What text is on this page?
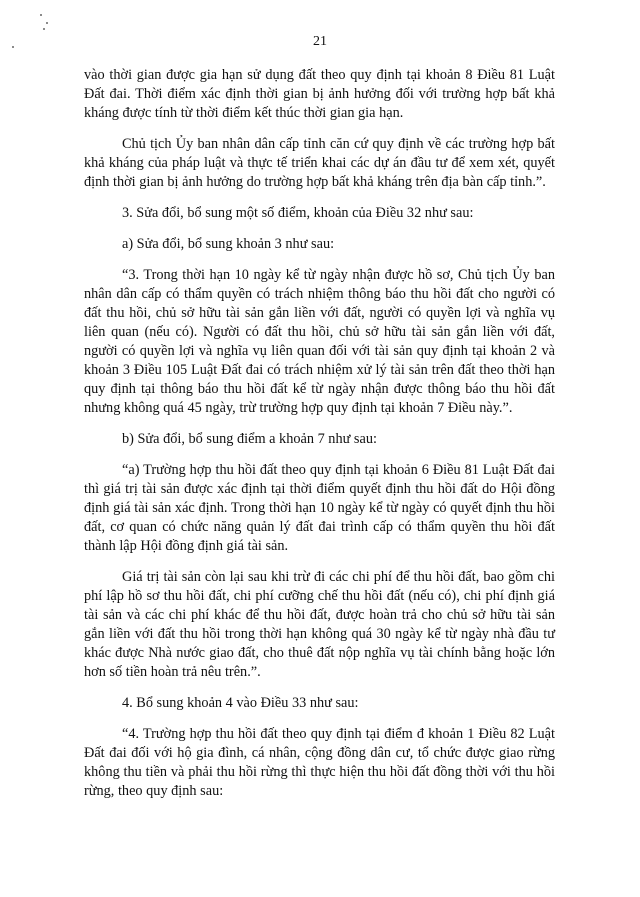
21

vào thời gian được gia hạn sử dụng đất theo quy định tại khoản 8 Điều 81 Luật Đất đai. Thời điểm xác định thời gian bị ảnh hưởng đối với trường hợp bất khả kháng được tính từ thời điểm kết thúc thời gian gia hạn.

Chủ tịch Ủy ban nhân dân cấp tỉnh căn cứ quy định về các trường hợp bất khả kháng của pháp luật và thực tế triển khai các dự án đầu tư để xem xét, quyết định thời gian bị ảnh hưởng do trường hợp bất khả kháng trên địa bàn cấp tỉnh.”.

3. Sửa đổi, bổ sung một số điểm, khoản của Điều 32 như sau:

a) Sửa đổi, bổ sung khoản 3 như sau:

“3. Trong thời hạn 10 ngày kể từ ngày nhận được hồ sơ, Chủ tịch Ủy ban nhân dân cấp có thẩm quyền có trách nhiệm thông báo thu hồi đất cho người có đất thu hồi, chủ sở hữu tài sản gắn liền với đất, người có quyền lợi và nghĩa vụ liên quan (nếu có). Người có đất thu hồi, chủ sở hữu tài sản gắn liền với đất, người có quyền lợi và nghĩa vụ liên quan đối với tài sản quy định tại khoản 2 và khoản 3 Điều 105 Luật Đất đai có trách nhiệm xử lý tài sản trên đất theo thời hạn quy định tại thông báo thu hồi đất kể từ ngày nhận được thông báo thu hồi đất nhưng không quá 45 ngày, trừ trường hợp quy định tại khoản 7 Điều này.”.

b) Sửa đổi, bổ sung điểm a khoản 7 như sau:

“a) Trường hợp thu hồi đất theo quy định tại khoản 6 Điều 81 Luật Đất đai thì giá trị tài sản được xác định tại thời điểm quyết định thu hồi đất do Hội đồng định giá tài sản xác định. Trong thời hạn 10 ngày kể từ ngày có quyết định thu hồi đất, cơ quan có chức năng quản lý đất đai trình cấp có thẩm quyền thu hồi đất thành lập Hội đồng định giá tài sản.

Giá trị tài sản còn lại sau khi trừ đi các chi phí để thu hồi đất, bao gồm chi phí lập hồ sơ thu hồi đất, chi phí cưỡng chế thu hồi đất (nếu có), chi phí định giá tài sản và các chi phí khác để thu hồi đất, được hoàn trả cho chủ sở hữu tài sản gắn liền với đất thu hồi trong thời hạn không quá 30 ngày kể từ ngày nhà đầu tư khác được Nhà nước giao đất, cho thuê đất nộp nghĩa vụ tài chính bằng hoặc lớn hơn số tiền hoàn trả nêu trên.”.

4. Bổ sung khoản 4 vào Điều 33 như sau:

“4. Trường hợp thu hồi đất theo quy định tại điểm đ khoản 1 Điều 82 Luật Đất đai đối với hộ gia đình, cá nhân, cộng đồng dân cư, tổ chức được giao rừng không thu tiền và phải thu hồi rừng thì thực hiện thu hồi đất đồng thời với thu hồi rừng, theo quy định sau:
